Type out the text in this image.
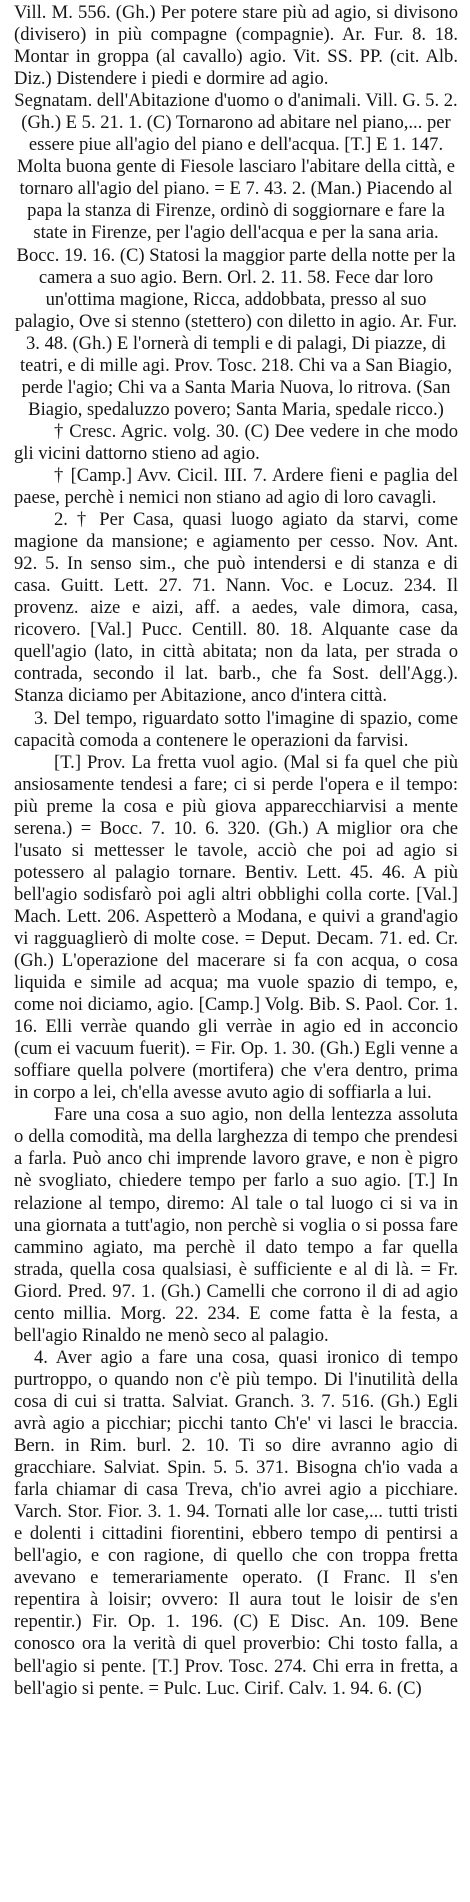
Vill. M. 556. (Gh.) Per potere stare più ad agio, si divisono (divisero) in più compagne (compagnie). Ar. Fur. 8. 18. Montar in groppa (al cavallo) agio. Vit. SS. PP. (cit. Alb. Diz.) Distendere i piedi e dormire ad agio.

Segnatam. dell'Abitazione d'uomo o d'animali. Vill. G. 5. 2. (Gh.) E 5. 21. 1. (C) Tornarono ad abitare nel piano,... per essere piue all'agio del piano e dell'acqua. [T.] E 1. 147. Molta buona gente di Fiesole lasciaro l'abitare della città, e tornaro all'agio del piano. = E 7. 43. 2. (Man.) Piacendo al papa la stanza di Firenze, ordinò di soggiornare e fare la state in Firenze, per l'agio dell'acqua e per la sana aria. Bocc. 19. 16. (C) Statosi la maggior parte della notte per la camera a suo agio. Bern. Orl. 2. 11. 58. Fece dar loro un'ottima magione, Ricca, addobbata, presso al suo palagio, Ove si stenno (stettero) con diletto in agio. Ar. Fur. 3. 48. (Gh.) E l'ornerà di templi e di palagi, Di piazze, di teatri, e di mille agi. Prov. Tosc. 218. Chi va a San Biagio, perde l'agio; Chi va a Santa Maria Nuova, lo ritrova. (San Biagio, spedaluzzo povero; Santa Maria, spedale ricco.)

† Cresc. Agric. volg. 30. (C) Dee vedere in che modo gli vicini dattorno stieno ad agio.

† [Camp.] Avv. Cicil. III. 7. Ardere fieni e paglia del paese, perchè i nemici non stiano ad agio di loro cavagli.

2. † Per Casa, quasi luogo agiato da starvi, come magione da mansione; e agiamento per cesso. Nov. Ant. 92. 5. In senso sim., che può intendersi e di stanza e di casa. Guitt. Lett. 27. 71. Nann. Voc. e Locuz. 234. Il provenz. aize e aizi, aff. a aedes, vale dimora, casa, ricovero. [Val.] Pucc. Centill. 80. 18. Alquante case da quell'agio (lato, in città abitata; non da lata, per strada o contrada, secondo il lat. barb., che fa Sost. dell'Agg.). Stanza diciamo per Abitazione, anco d'intera città.

3. Del tempo, riguardato sotto l'imagine di spazio, come capacità comoda a contenere le operazioni da farvisi.

[T.] Prov. La fretta vuol agio. (Mal si fa quel che più ansiosamente tendesi a fare; ci si perde l'opera e il tempo: più preme la cosa e più giova apparecchiarvisi a mente serena.) = Bocc. 7. 10. 6. 320. (Gh.) A miglior ora che l'usato si mettesser le tavole, acciò che poi ad agio si potessero al palagio tornare. Bentiv. Lett. 45. 46. A più bell'agio sodisfarò poi agli altri obblighi colla corte. [Val.] Mach. Lett. 206. Aspetterò a Modana, e quivi a grand'agio vi ragguaglierò di molte cose. = Deput. Decam. 71. ed. Cr. (Gh.) L'operazione del macerare si fa con acqua, o cosa liquida e simile ad acqua; ma vuole spazio di tempo, e, come noi diciamo, agio. [Camp.] Volg. Bib. S. Paol. Cor. 1. 16. Elli verràe quando gli verràe in agio ed in acconcio (cum ei vacuum fuerit). = Fir. Op. 1. 30. (Gh.) Egli venne a soffiare quella polvere (mortifera) che v'era dentro, prima in corpo a lei, ch'ella avesse avuto agio di soffiarla a lui.

Fare una cosa a suo agio, non della lentezza assoluta o della comodità, ma della larghezza di tempo che prendesi a farla. Può anco chi imprende lavoro grave, e non è pigro nè svogliato, chiedere tempo per farlo a suo agio. [T.] In relazione al tempo, diremo: Al tale o tal luogo ci si va in una giornata a tutt'agio, non perchè si voglia o si possa fare cammino agiato, ma perchè il dato tempo a far quella strada, quella cosa qualsiasi, è sufficiente e al di là. = Fr. Giord. Pred. 97. 1. (Gh.) Camelli che corrono il di ad agio cento millia. Morg. 22. 234. E come fatta è la festa, a bell'agio Rinaldo ne menò seco al palagio.

4. Aver agio a fare una cosa, quasi ironico di tempo purtroppo, o quando non c'è più tempo. Di l'inutilità della cosa di cui si tratta. Salviat. Granch. 3. 7. 516. (Gh.) Egli avrà agio a picchiar; picchi tanto Ch'e' vi lasci le braccia. Bern. in Rim. burl. 2. 10. Ti so dire avranno agio di gracchiare. Salviat. Spin. 5. 5. 371. Bisogna ch'io vada a farla chiamar di casa Treva, ch'io avrei agio a picchiare. Varch. Stor. Fior. 3. 1. 94. Tornati alle lor case,... tutti tristi e dolenti i cittadini fiorentini, ebbero tempo di pentirsi a bell'agio, e con ragione, di quello che con troppa fretta avevano e temerariamente operato. (I Franc. Il s'en repentira à loisir; ovvero: Il aura tout le loisir de s'en repentir.) Fir. Op. 1. 196. (C) E Disc. An. 109. Bene conosco ora la verità di quel proverbio: Chi tosto falla, a bell'agio si pente. [T.] Prov. Tosc. 274. Chi erra in fretta, a bell'agio si pente. = Pulc. Luc. Cirif. Calv. 1. 94. 6. (C)
